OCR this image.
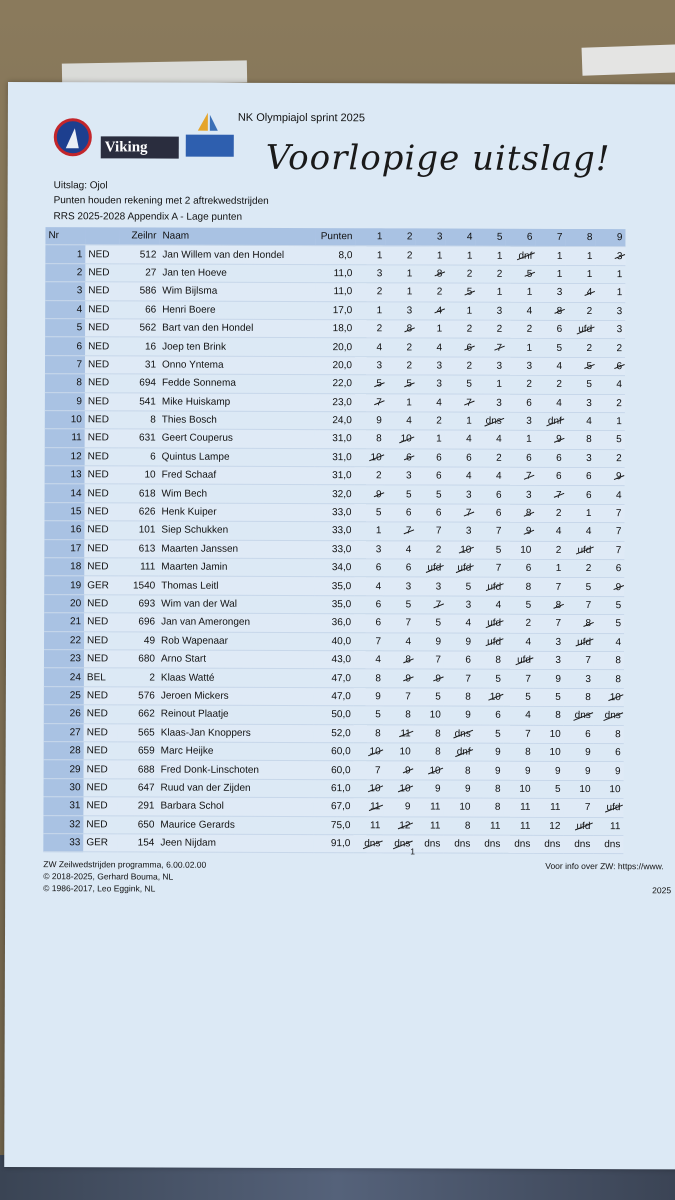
Viking
NK Olympiajol sprint 2025
Voorlopige uitslag!
Uitslag: Ojol
Punten houden rekening met 2 aftrekwedstrijden
RRS 2025-2028 Appendix A - Lage punten
Nr		Zeilnr	Naam	Punten	1	2	3	4	5	6	7	8	9
1	NED	512	Jan Willem van den Hondel	8,0	1	2	1	1	1	dnf	1	1	3
2	NED	27	Jan ten Hoeve	11,0	3	1	8	2	2	5	1	1	1
3	NED	586	Wim Bijlsma	11,0	2	1	2	5	1	1	3	4	1
4	NED	66	Henri Boere	17,0	1	3	4	1	3	4	8	2	3
5	NED	562	Bart van den Hondel	18,0	2	8	1	2	2	2	6	ufd	3
6	NED	16	Joep ten Brink	20,0	4	2	4	6	7	1	5	2	2
7	NED	31	Onno Yntema	20,0	3	2	3	2	3	3	4	5	6
8	NED	694	Fedde Sonnema	22,0	5	5	3	5	1	2	2	5	4
9	NED	541	Mike Huiskamp	23,0	7	1	4	7	3	6	4	3	2
10	NED	8	Thies Bosch	24,0	9	4	2	1	dns	3	dnf	4	1
11	NED	631	Geert Couperus	31,0	8	10	1	4	4	1	9	8	5
12	NED	6	Quintus Lampe	31,0	10	6	6	6	2	6	6	3	2
13	NED	10	Fred Schaaf	31,0	2	3	6	4	4	7	6	6	9
14	NED	618	Wim Bech	32,0	9	5	5	3	6	3	7	6	4
15	NED	626	Henk Kuiper	33,0	5	6	6	7	6	8	2	1	7
16	NED	101	Siep Schukken	33,0	1	7	7	3	7	9	4	4	7
17	NED	613	Maarten Janssen	33,0	3	4	2	10	5	10	2	ufd	7
18	NED	111	Maarten Jamin	34,0	6	6	ufd	ufd	7	6	1	2	6
19	GER	1540	Thomas Leitl	35,0	4	3	3	5	ufd	8	7	5	9
20	NED	693	Wim van der Wal	35,0	6	5	7	3	4	5	8	7	5
21	NED	696	Jan van Amerongen	36,0	6	7	5	4	ufd	2	7	8	5
22	NED	49	Rob Wapenaar	40,0	7	4	9	9	ufd	4	3	ufd	4
23	NED	680	Arno Start	43,0	4	8	7	6	8	ufd	3	7	8
24	BEL	2	Klaas Watté	47,0	8	9	9	7	5	7	9	3	8
25	NED	576	Jeroen Mickers	47,0	9	7	5	8	10	5	5	8	10
26	NED	662	Reinout Plaatje	50,0	5	8	10	9	6	4	8	dns	dns
27	NED	565	Klaas-Jan Knoppers	52,0	8	11	8	dns	5	7	10	6	8
28	NED	659	Marc Heijke	60,0	10	10	8	dnf	9	8	10	9	6
29	NED	688	Fred Donk-Linschoten	60,0	7	9	10	8	9	9	9	9	9
30	NED	647	Ruud van der Zijden	61,0	10	10	9	9	8	10	5	10	10
31	NED	291	Barbara Schol	67,0	11	9	11	10	8	11	11	7	ufd
32	NED	650	Maurice Gerards	75,0	11	12	11	8	11	11	12	ufd	11
33	GER	154	Jeen Nijdam	91,0	dns	dns	dns	dns	dns	dns	dns	dns	dns
1
ZW Zeilwedstrijden programma, 6.00.02.00
© 2018-2025, Gerhard Bouma, NL
© 1986-2017, Leo Eggink, NL
Voor info over ZW: https://www.
2025
